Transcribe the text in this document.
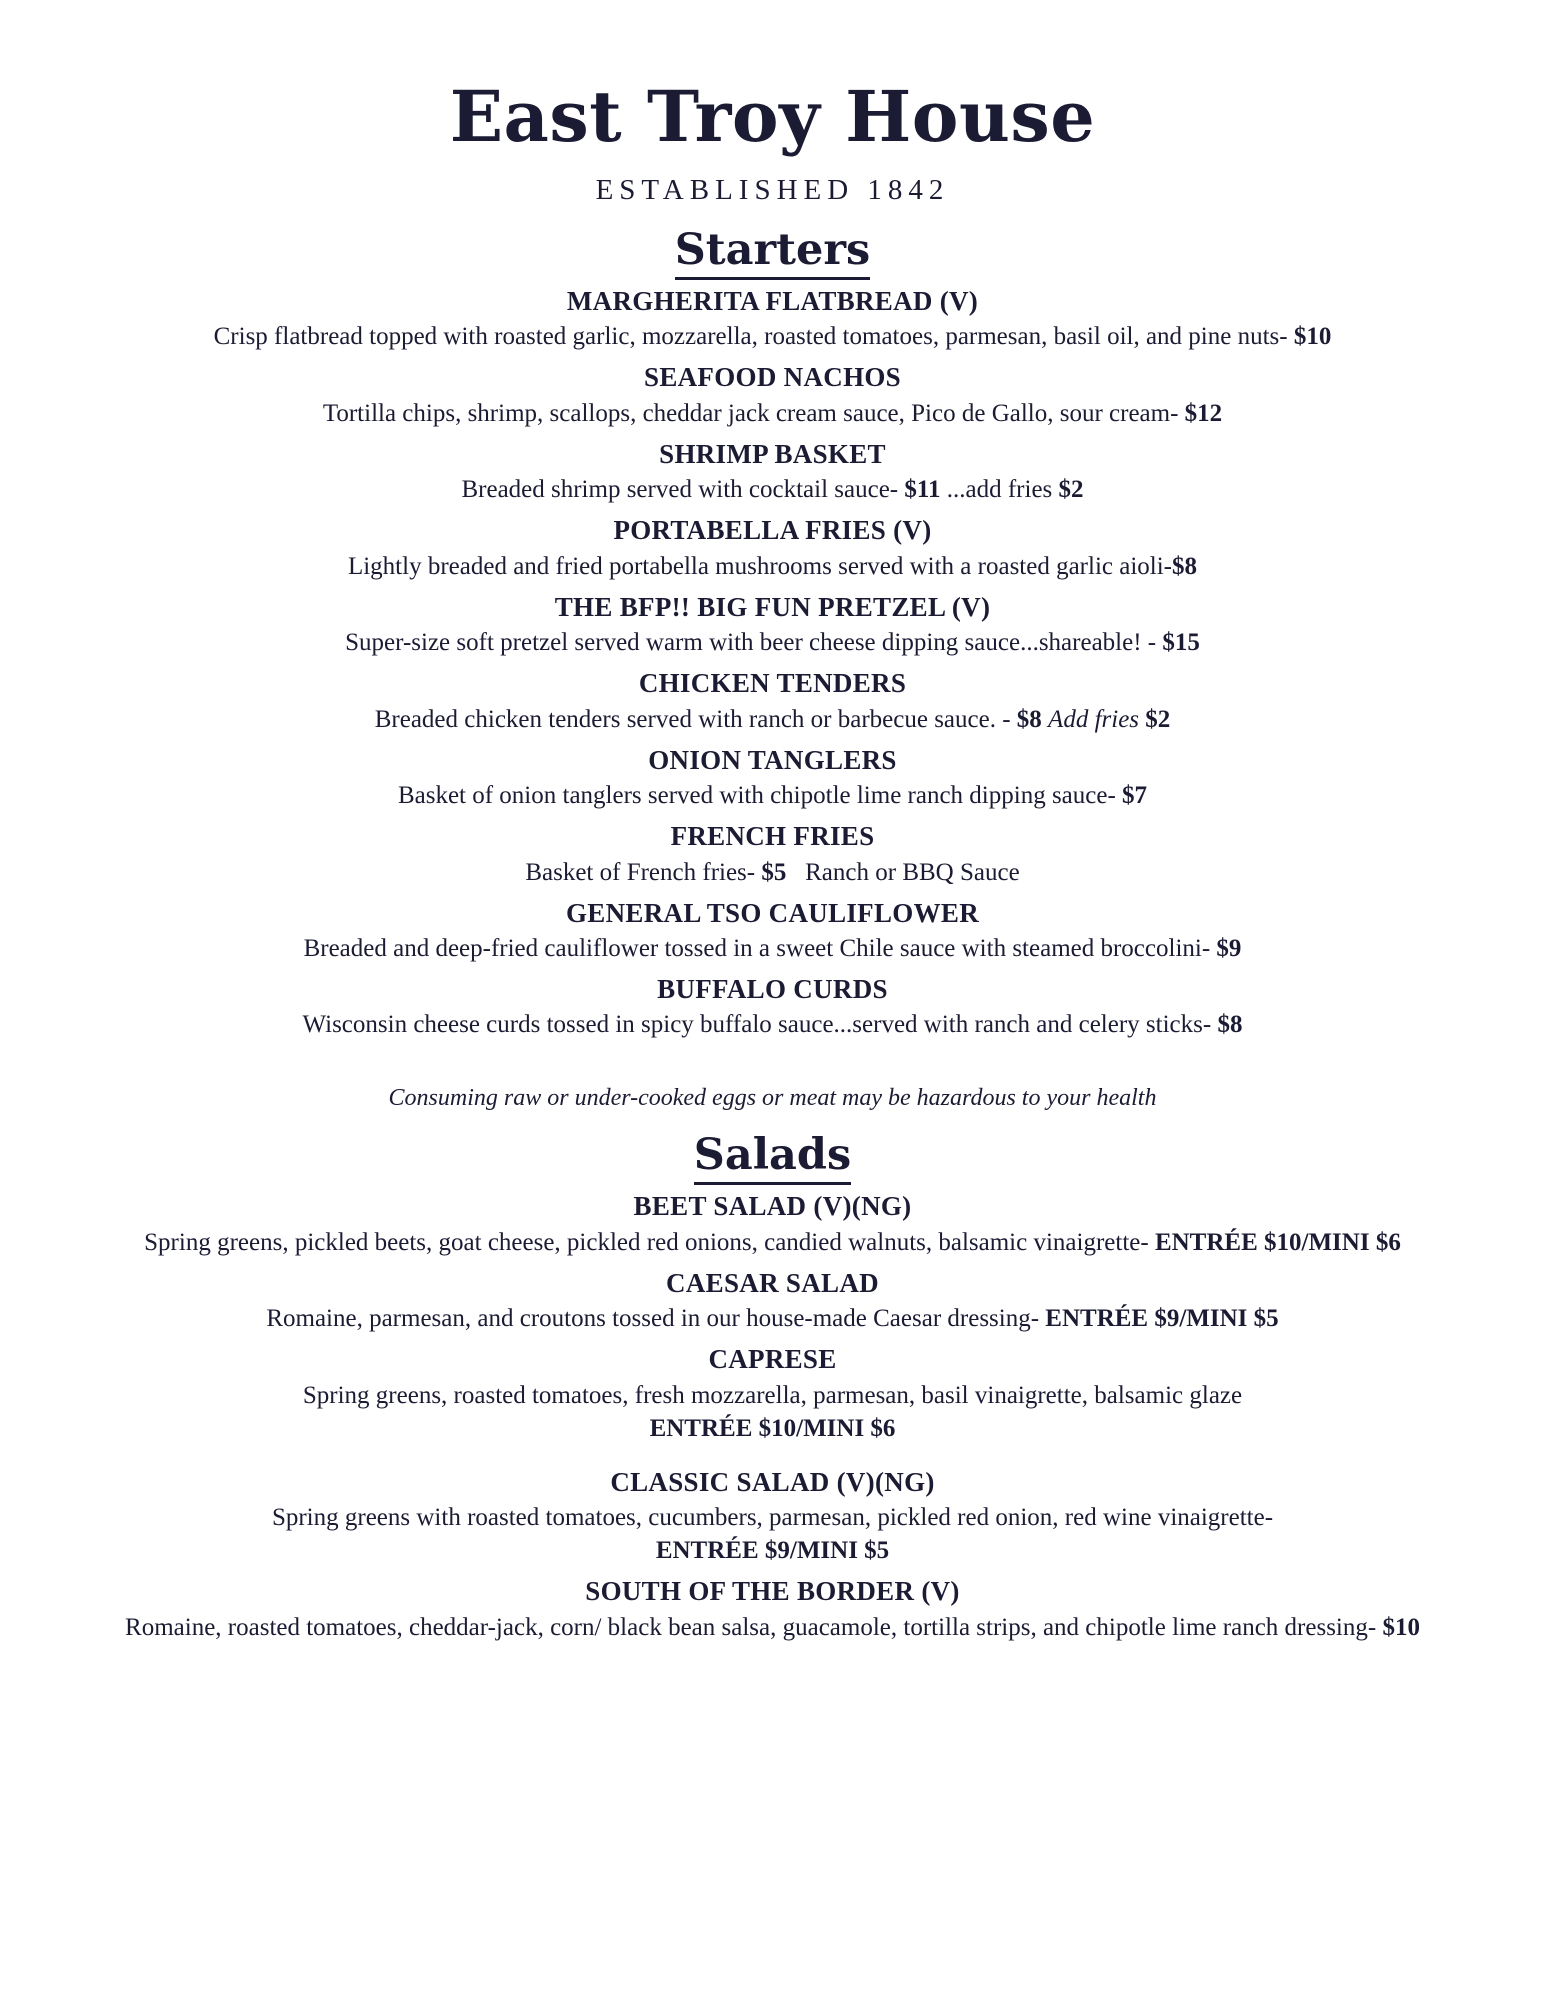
East Troy House
ESTABLISHED 1842
Starters
MARGHERITA FLATBREAD (V)
Crisp flatbread topped with roasted garlic, mozzarella, roasted tomatoes, parmesan, basil oil, and pine nuts- $10
SEAFOOD NACHOS
Tortilla chips, shrimp, scallops, cheddar jack cream sauce, Pico de Gallo, sour cream- $12
SHRIMP BASKET
Breaded shrimp served with cocktail sauce- $11 ...add fries $2
PORTABELLA FRIES (V)
Lightly breaded and fried portabella mushrooms served with a roasted garlic aioli-$8
THE BFP!! BIG FUN PRETZEL (V)
Super-size soft pretzel served warm with beer cheese dipping sauce...shareable! - $15
CHICKEN TENDERS
Breaded chicken tenders served with ranch or barbecue sauce. - $8 Add fries $2
ONION TANGLERS
Basket of onion tanglers served with chipotle lime ranch dipping sauce- $7
FRENCH FRIES
Basket of French fries- $5   Ranch or BBQ Sauce
GENERAL TSO CAULIFLOWER
Breaded and deep-fried cauliflower tossed in a sweet Chile sauce with steamed broccolini- $9
BUFFALO CURDS
Wisconsin cheese curds tossed in spicy buffalo sauce...served with ranch and celery sticks- $8
Consuming raw or under-cooked eggs or meat may be hazardous to your health
Salads
BEET SALAD (V)(NG)
Spring greens, pickled beets, goat cheese, pickled red onions, candied walnuts, balsamic vinaigrette- ENTRÉE $10/MINI $6
CAESAR SALAD
Romaine, parmesan, and croutons tossed in our house-made Caesar dressing- ENTRÉE $9/MINI $5
CAPRESE
Spring greens, roasted tomatoes, fresh mozzarella, parmesan, basil vinaigrette, balsamic glaze
ENTRÉE $10/MINI $6
CLASSIC SALAD (V)(NG)
Spring greens with roasted tomatoes, cucumbers, parmesan, pickled red onion, red wine vinaigrette-
ENTRÉE $9/MINI $5
SOUTH OF THE BORDER (V)
Romaine, roasted tomatoes, cheddar-jack, corn/ black bean salsa, guacamole, tortilla strips, and chipotle lime ranch dressing- $10
